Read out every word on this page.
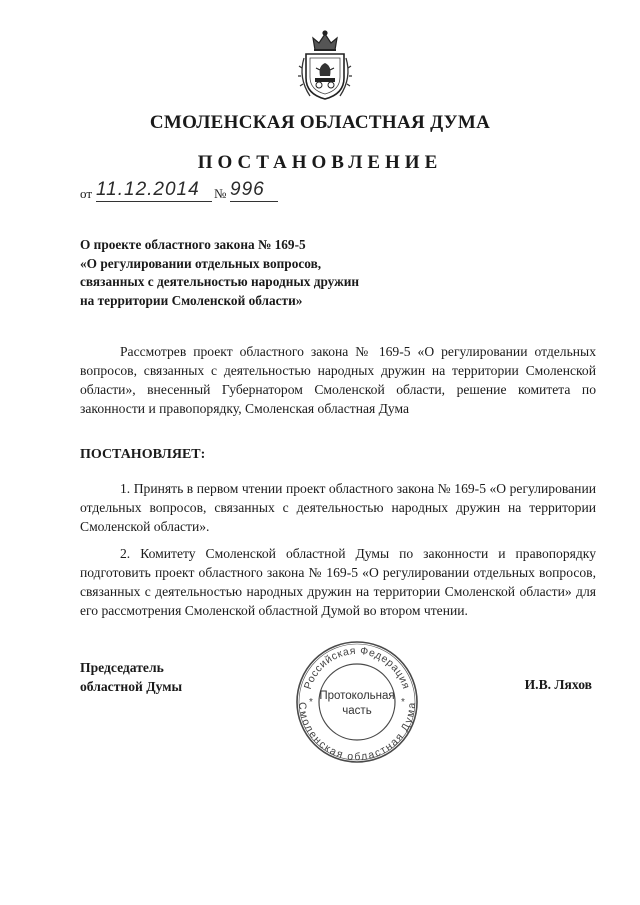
СМОЛЕНСКАЯ ОБЛАСТНАЯ ДУМА
ПОСТАНОВЛЕНИЕ
от 11.12.2014	№ 996
О проекте областного закона № 169-5
«О регулировании отдельных вопросов,
связанных с деятельностью народных дружин
на территории Смоленской области»
Рассмотрев проект областного закона № 169-5 «О регулировании отдельных вопросов, связанных с деятельностью народных дружин на территории Смоленской области», внесенный Губернатором Смоленской области, решение комитета по законности и правопорядку, Смоленская областная Дума
ПОСТАНОВЛЯЕТ:
1. Принять в первом чтении проект областного закона № 169-5 «О регулировании отдельных вопросов, связанных с деятельностью народных дружин на территории Смоленской области».
2. Комитету Смоленской областной Думы по законности и правопорядку подготовить проект областного закона № 169-5 «О регулировании отдельных вопросов, связанных с деятельностью народных дружин на территории Смоленской области» для его рассмотрения Смоленской областной Думой во втором чтении.
Председатель
областной Думы	Российская Федерация
Смоленская областная Дума
*	*
Протокольная
часть
И.В. Ляхов
